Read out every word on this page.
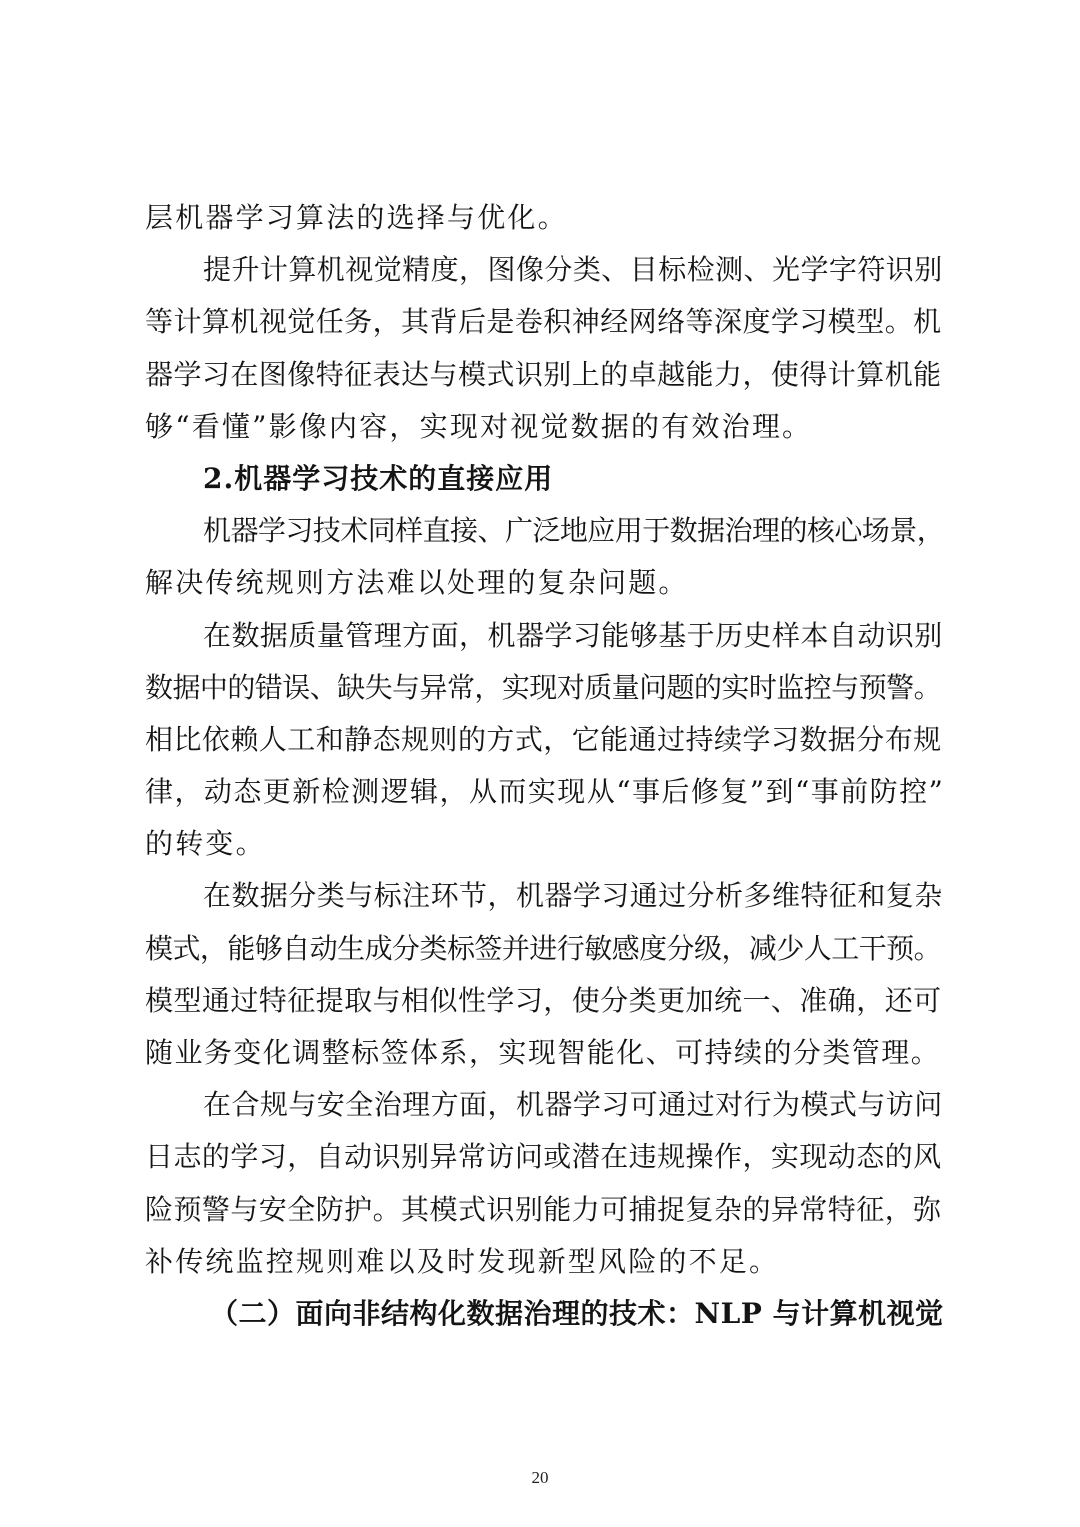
层机器学习算法的选择与优化。
提升计算机视觉精度，图像分类、目标检测、光学字符识别
等计算机视觉任务，其背后是卷积神经网络等深度学习模型。机
器学习在图像特征表达与模式识别上的卓越能力，使得计算机能
够“看懂”影像内容，实现对视觉数据的有效治理。
2.机器学习技术的直接应用
机器学习技术同样直接、广泛地应用于数据治理的核心场景，
解决传统规则方法难以处理的复杂问题。
在数据质量管理方面，机器学习能够基于历史样本自动识别
数据中的错误、缺失与异常，实现对质量问题的实时监控与预警。
相比依赖人工和静态规则的方式，它能通过持续学习数据分布规
律，动态更新检测逻辑，从而实现从“事后修复”到“事前防控”
的转变。
在数据分类与标注环节，机器学习通过分析多维特征和复杂
模式，能够自动生成分类标签并进行敏感度分级，减少人工干预。
模型通过特征提取与相似性学习，使分类更加统一、准确，还可
随业务变化调整标签体系，实现智能化、可持续的分类管理。
在合规与安全治理方面，机器学习可通过对行为模式与访问
日志的学习，自动识别异常访问或潜在违规操作，实现动态的风
险预警与安全防护。其模式识别能力可捕捉复杂的异常特征，弥
补传统监控规则难以及时发现新型风险的不足。
（二）面向非结构化数据治理的技术：NLP 与计算机视觉
20
